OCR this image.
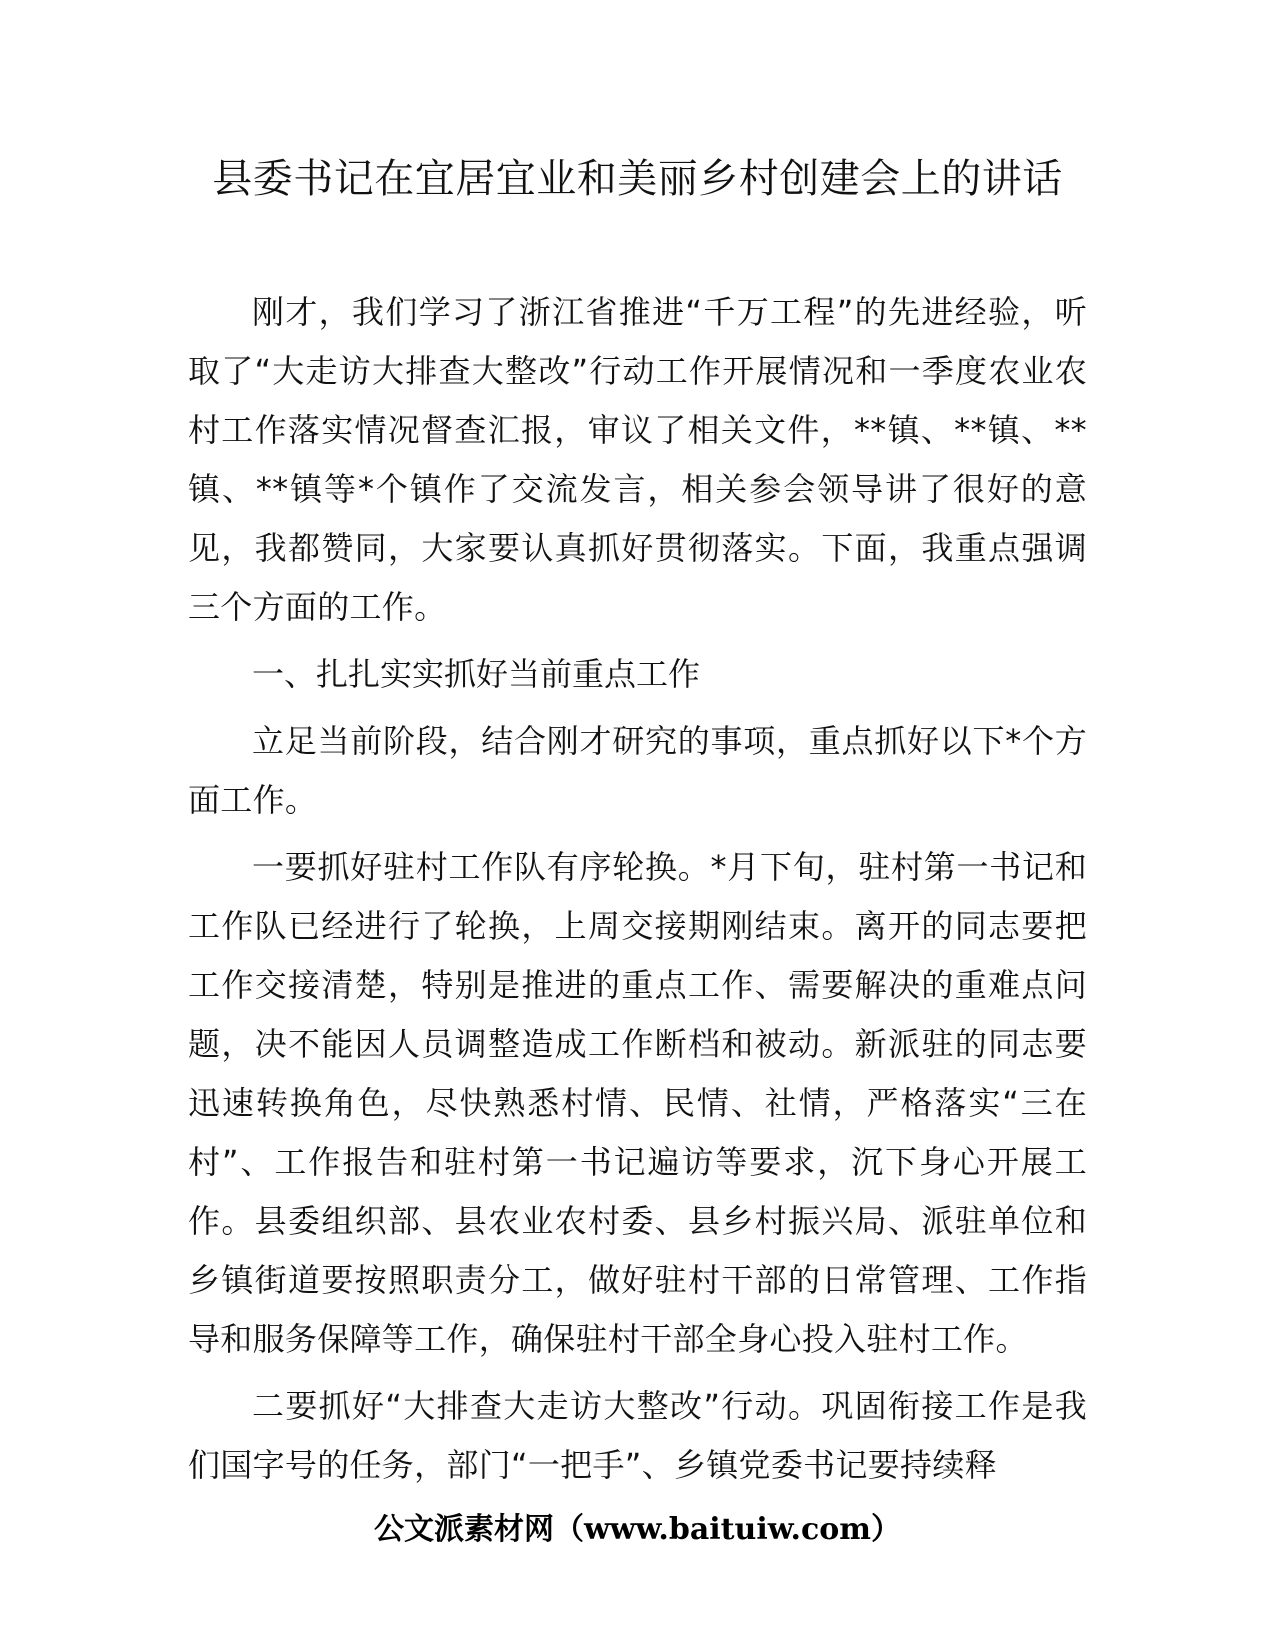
县委书记在宜居宜业和美丽乡村创建会上的讲话

刚才，我们学习了浙江省推进“千万工程”的先进经验，听取了“大走访大排查大整改”行动工作开展情况和一季度农业农村工作落实情况督查汇报，审议了相关文件，**镇、**镇、**镇、**镇等*个镇作了交流发言，相关参会领导讲了很好的意见，我都赞同，大家要认真抓好贯彻落实。下面，我重点强调三个方面的工作。

一、扎扎实实抓好当前重点工作

立足当前阶段，结合刚才研究的事项，重点抓好以下*个方面工作。

一要抓好驻村工作队有序轮换。*月下旬，驻村第一书记和工作队已经进行了轮换，上周交接期刚结束。离开的同志要把工作交接清楚，特别是推进的重点工作、需要解决的重难点问题，决不能因人员调整造成工作断档和被动。新派驻的同志要迅速转换角色，尽快熟悉村情、民情、社情，严格落实“三在村”、工作报告和驻村第一书记遍访等要求，沉下身心开展工作。县委组织部、县农业农村委、县乡村振兴局、派驻单位和乡镇街道要按照职责分工，做好驻村干部的日常管理、工作指导和服务保障等工作，确保驻村干部全身心投入驻村工作。

二要抓好“大排查大走访大整改”行动。巩固衔接工作是我们国字号的任务，部门“一把手”、乡镇党委书记要持续释

公文派素材网（www.baituiw.com）
